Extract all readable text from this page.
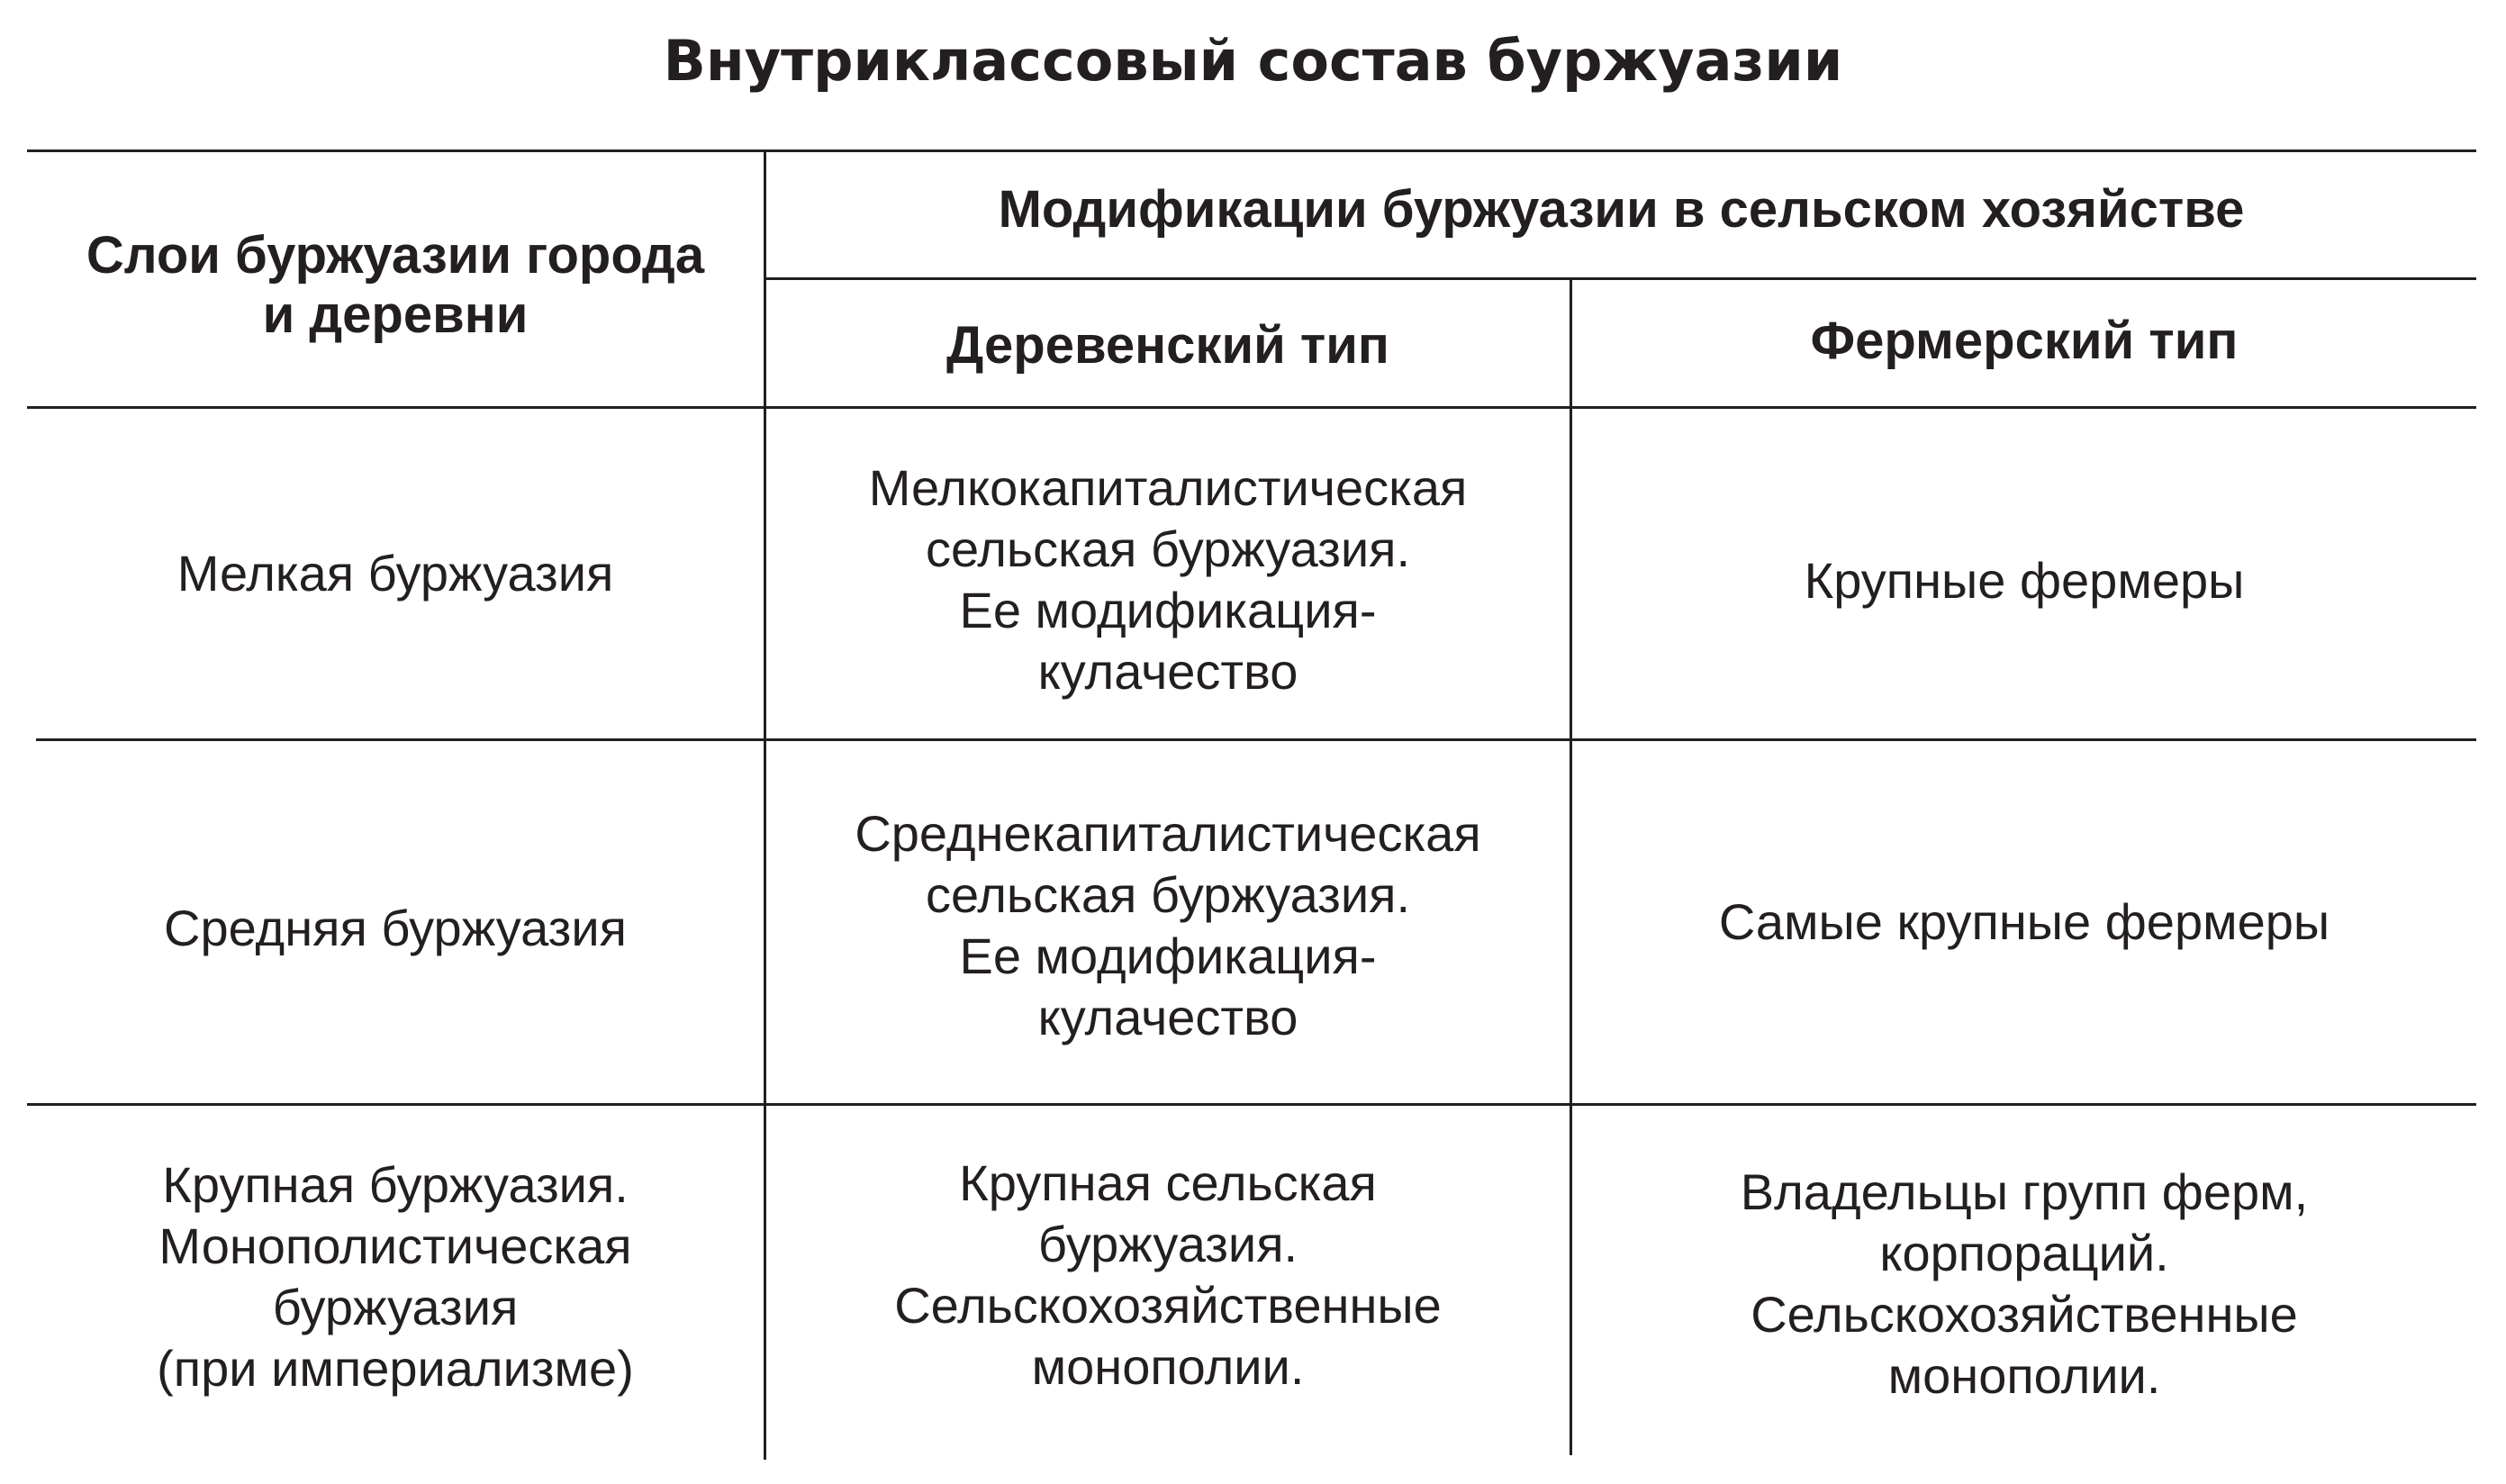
Внутриклассовый состав буржуазии
Слои буржуазии города
и деревни
Модификации буржуазии в сельском хозяйстве
Деревенский тип	Фермерский тип
Мелкая буржуазия
Мелкокапиталистическая
сельская буржуазия.
Ее модификация-
кулачество
Крупные фермеры
Средняя буржуазия
Среднекапиталистическая
сельская буржуазия.
Ее модификация-
кулачество
Самые крупные фермеры
Крупная буржуазия.
Монополистическая
буржуазия
(при империализме)
Крупная сельская
буржуазия.
Сельскохозяйственные
монополии.
Владельцы групп ферм,
корпораций.
Сельскохозяйственные
монополии.
